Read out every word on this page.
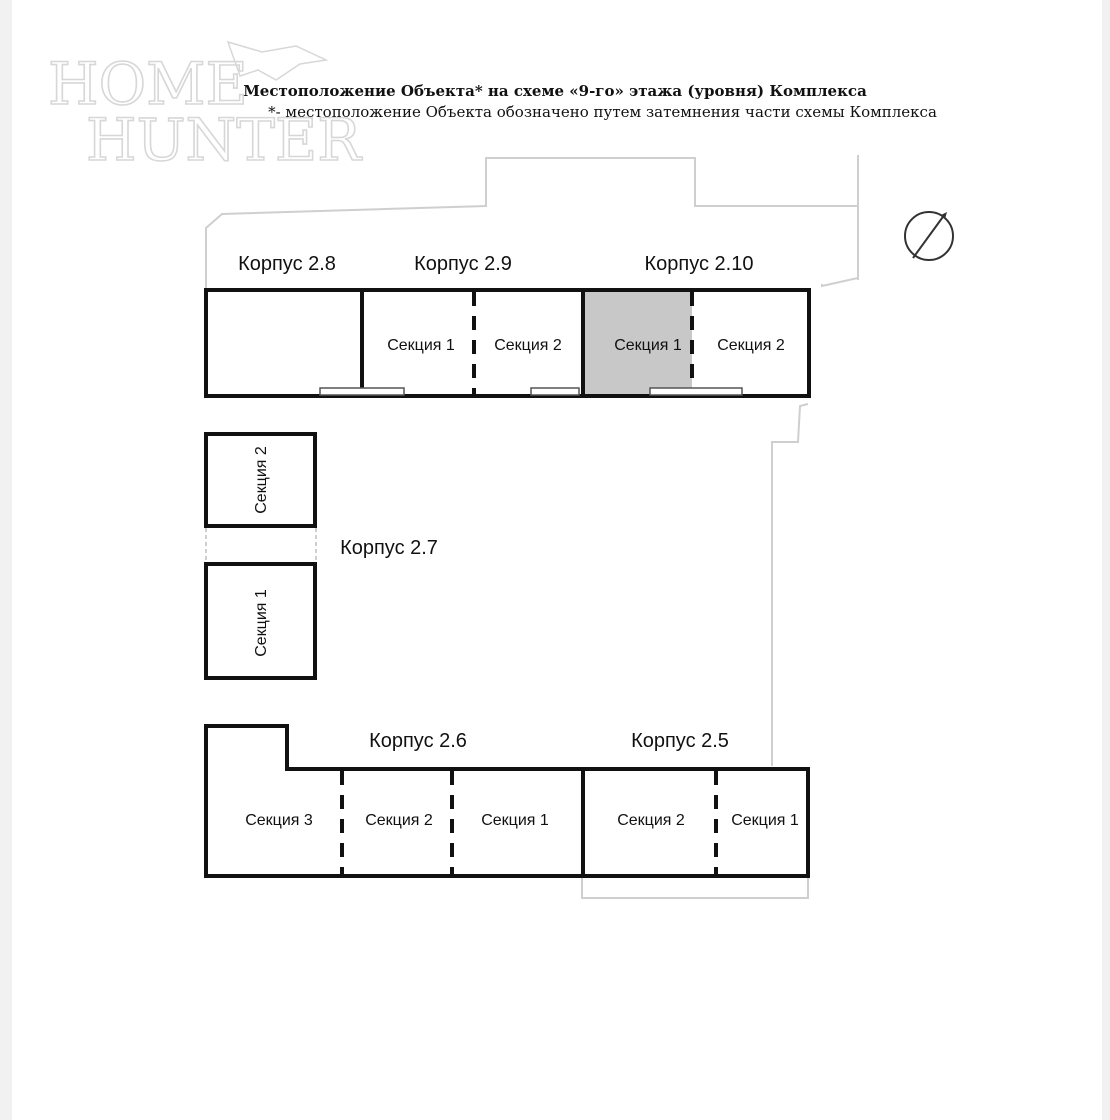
HOME
HUNTER
Корпус 2.8	Корпус 2.9	Корпус 2.10
Корпус 2.7
Корпус 2.6	Корпус 2.5
Секция 1 Секция 2	Секция 1 Секция 2
Секция 2
Секция 1
Секция 3	Секция 2	Секция 1	Секция 2	Секция 1
Местоположение Объекта* на схеме «9-го» этажа (уровня) Комплекса
*- местоположение Объекта обозначено путем затемнения части схемы Комплекса
